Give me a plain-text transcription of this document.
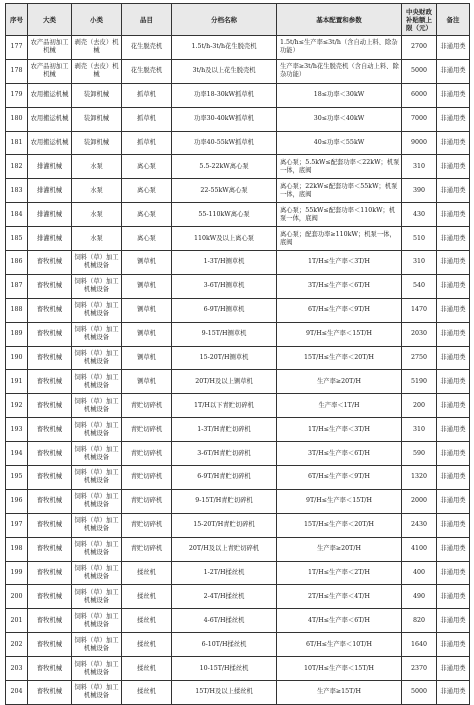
序号	大类	小类	品目	分档名称	基本配置和参数	中央财政补贴额上限（元）	备注
177	农产品初加工机械	剥壳（去皮）机械	花生脱壳机	1.5t/h-3t/h花生脱壳机	1.5t/h≤生产率≤3t/h（含自动上料、除杂功能）	2700	非通用类
178	农产品初加工机械	剥壳（去皮）机械	花生脱壳机	3t/h及以上花生脱壳机	生产率≥3t/h花生脱壳机（含自动上料、除杂功能）	5000	非通用类
179	农用搬运机械	装卸机械	抓草机	功率18-30kW抓草机	18≤功率＜30kW	6000	非通用类
180	农用搬运机械	装卸机械	抓草机	功率30-40kW抓草机	30≤功率＜40kW	7000	非通用类
181	农用搬运机械	装卸机械	抓草机	功率40-55kW抓草机	40≤功率＜55kW	9000	非通用类
182	排灌机械	水泵	离心泵	5.5-22kW离心泵	离心泵；5.5kW≤配套功率＜22kW；机泵一体，底阀	310	非通用类
183	排灌机械	水泵	离心泵	22-55kW离心泵	离心泵；22kW≤配套功率＜55kW；机泵一体，底阀	390	非通用类
184	排灌机械	水泵	离心泵	55-110kW离心泵	离心泵；55kW≤配套功率＜110kW；机泵一体，底阀	430	非通用类
185	排灌机械	水泵	离心泵	110kW及以上离心泵	离心泵；配套功率≥110kW；机泵一体，底阀	510	非通用类
186	畜牧机械	饲料（草）加工机械设备	铡草机	1-3T/H铡草机	1T/H≤生产率＜3T/H	310	非通用类
187	畜牧机械	饲料（草）加工机械设备	铡草机	3-6T/H铡草机	3T/H≤生产率＜6T/H	540	非通用类
188	畜牧机械	饲料（草）加工机械设备	铡草机	6-9T/H铡草机	6T/H≤生产率＜9T/H	1470	非通用类
189	畜牧机械	饲料（草）加工机械设备	铡草机	9-15T/H铡草机	9T/H≤生产率＜15T/H	2030	非通用类
190	畜牧机械	饲料（草）加工机械设备	铡草机	15-20T/H铡草机	15T/H≤生产率＜20T/H	2750	非通用类
191	畜牧机械	饲料（草）加工机械设备	铡草机	20T/H及以上铡草机	生产率≥20T/H	5190	非通用类
192	畜牧机械	饲料（草）加工机械设备	青贮切碎机	1T/H以下青贮切碎机	生产率＜1T/H	200	非通用类
193	畜牧机械	饲料（草）加工机械设备	青贮切碎机	1-3T/H青贮切碎机	1T/H≤生产率＜3T/H	310	非通用类
194	畜牧机械	饲料（草）加工机械设备	青贮切碎机	3-6T/H青贮切碎机	3T/H≤生产率＜6T/H	590	非通用类
195	畜牧机械	饲料（草）加工机械设备	青贮切碎机	6-9T/H青贮切碎机	6T/H≤生产率＜9T/H	1320	非通用类
196	畜牧机械	饲料（草）加工机械设备	青贮切碎机	9-15T/H青贮切碎机	9T/H≤生产率＜15T/H	2000	非通用类
197	畜牧机械	饲料（草）加工机械设备	青贮切碎机	15-20T/H青贮切碎机	15T/H≤生产率＜20T/H	2430	非通用类
198	畜牧机械	饲料（草）加工机械设备	青贮切碎机	20T/H及以上青贮切碎机	生产率≥20T/H	4100	非通用类
199	畜牧机械	饲料（草）加工机械设备	揉丝机	1-2T/H揉丝机	1T/H≤生产率＜2T/H	400	非通用类
200	畜牧机械	饲料（草）加工机械设备	揉丝机	2-4T/H揉丝机	2T/H≤生产率＜4T/H	490	非通用类
201	畜牧机械	饲料（草）加工机械设备	揉丝机	4-6T/H揉丝机	4T/H≤生产率＜6T/H	820	非通用类
202	畜牧机械	饲料（草）加工机械设备	揉丝机	6-10T/H揉丝机	6T/H≤生产率＜10T/H	1640	非通用类
203	畜牧机械	饲料（草）加工机械设备	揉丝机	10-15T/H揉丝机	10T/H≤生产率＜15T/H	2370	非通用类
204	畜牧机械	饲料（草）加工机械设备	揉丝机	15T/H及以上揉丝机	生产率≥15T/H	5000	非通用类
